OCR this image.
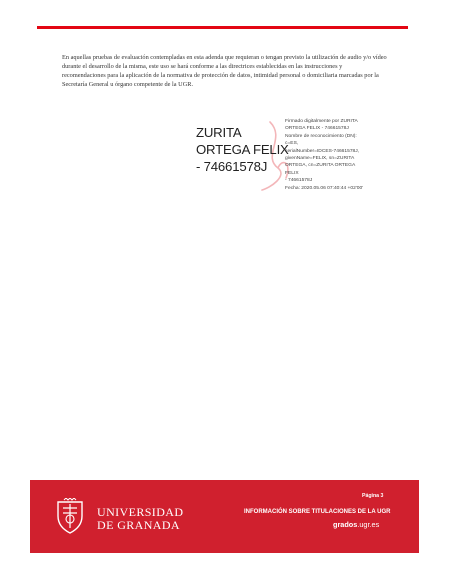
En aquellas pruebas de evaluación contempladas en esta adenda que requieran o tengan previsto la utilización de audio y/o vídeo durante el desarrollo de la misma, este uso se hará conforme a las directrices establecidas en las instrucciones y recomendaciones para la aplicación de la normativa de protección de datos, intimidad personal o domiciliaria marcadas por la Secretaría General u órgano competente de la UGR.
ZURITA
ORTEGA FELIX
- 74661578J
Firmado digitalmente por ZURITA
ORTEGA FELIX - 74661578J
Nombre de reconocimiento (DN):
c=ES,
serialNumber=IDCES-74661578J,
givenName=FELIX, sn=ZURITA
ORTEGA, cn=ZURITA ORTEGA FELIX
- 74661578J
Fecha: 2020.05.06 07:40:44 +02'00'
UNIVERSIDAD
DE GRANADA
Página 3
INFORMACIÓN SOBRE TITULACIONES DE LA UGR
grados.ugr.es
